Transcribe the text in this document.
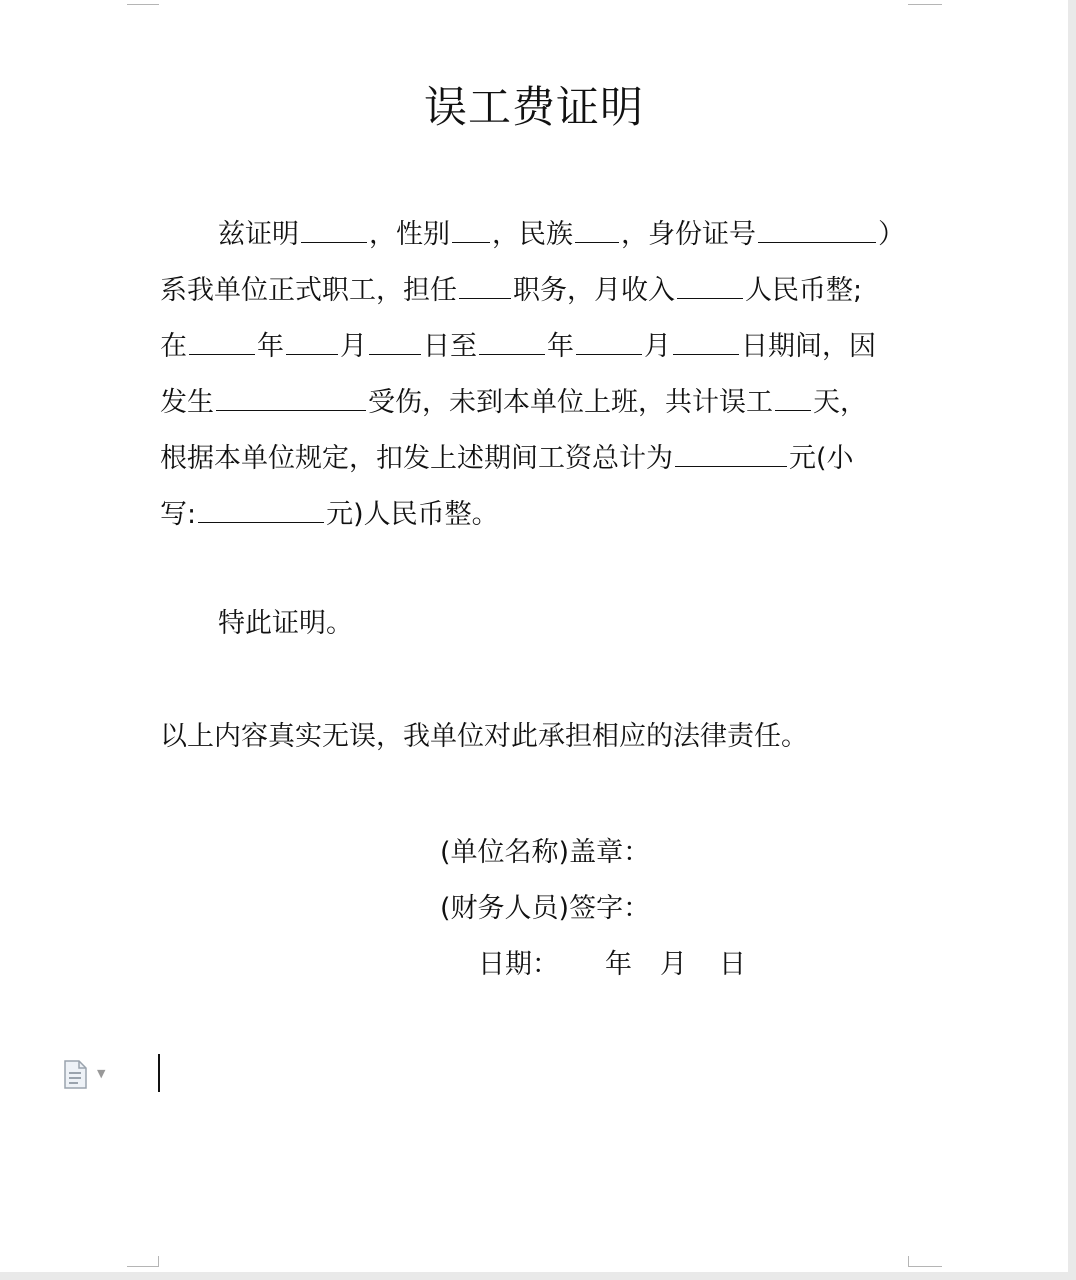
误工费证明
兹证明	，性别 ，民族 ，身份证号	）
系我单位正式职工，担任 职务，月收入	人民币整;
在	年 月 日至	年	月	日期间，因
发生	受伤，未到本单位上班，共计误工 天，
根据本单位规定，扣发上述期间工资总计为	元(小
写:	元)人民币整。
特此证明。
以上内容真实无误，我单位对此承担相应的法律责任。
(单位名称)盖章：
(财务人员)签字：
日期： 年 月 日
▼
